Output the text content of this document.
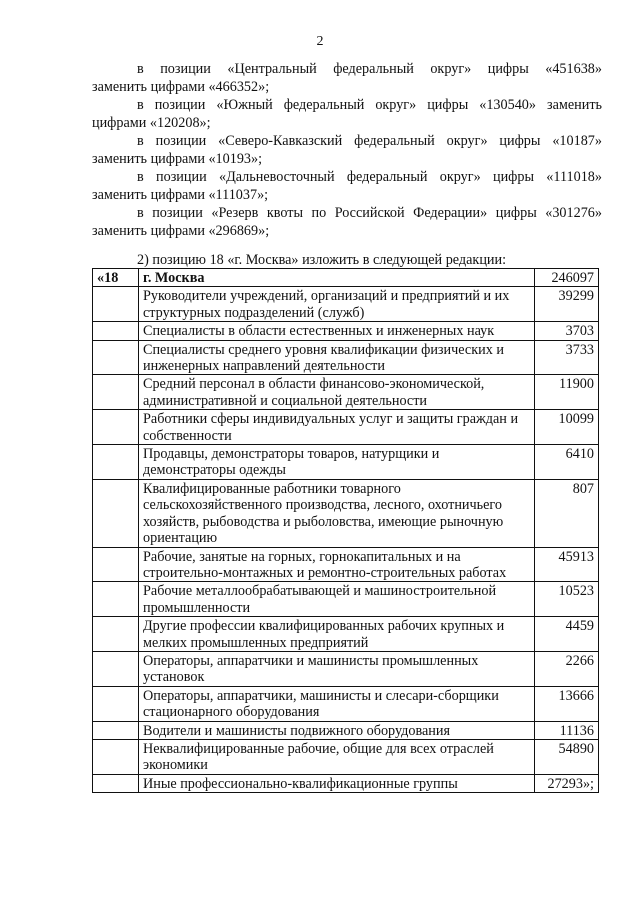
2
в позиции «Центральный федеральный округ» цифры «451638»
заменить цифрами «466352»;
в позиции «Южный федеральный округ» цифры «130540» заменить
цифрами «120208»;
в позиции «Северо-Кавказский федеральный округ» цифры «10187»
заменить цифрами «10193»;
в позиции «Дальневосточный федеральный округ» цифры «111018»
заменить цифрами «111037»;
в позиции «Резерв квоты по Российской Федерации» цифры «301276»
заменить цифрами «296869»;
2) позицию 18 «г. Москва» изложить в следующей редакции:
«18	г. Москва	246097
	Руководители учреждений, организаций и предприятий и их структурных подразделений (служб)	39299
	Специалисты в области естественных и инженерных наук	3703
	Специалисты среднего уровня квалификации физических и инженерных направлений деятельности	3733
	Средний персонал в области финансово-экономической, административной и социальной деятельности	11900
	Работники сферы индивидуальных услуг и защиты граждан и собственности	10099
	Продавцы, демонстраторы товаров, натурщики и демонстраторы одежды	6410
	Квалифицированные работники товарного сельскохозяйственного производства, лесного, охотничьего хозяйств, рыбоводства и рыболовства, имеющие рыночную ориентацию	807
	Рабочие, занятые на горных, горнокапитальных и на строительно-монтажных и ремонтно-строительных работах	45913
	Рабочие металлообрабатывающей и машиностроительной промышленности	10523
	Другие профессии квалифицированных рабочих крупных и мелких промышленных предприятий	4459
	Операторы, аппаратчики и машинисты промышленных установок	2266
	Операторы, аппаратчики, машинисты и слесари-сборщики стационарного оборудования	13666
	Водители и машинисты подвижного оборудования	11136
	Неквалифицированные рабочие, общие для всех отраслей экономики	54890
	Иные профессионально-квалификационные группы	27293»;
